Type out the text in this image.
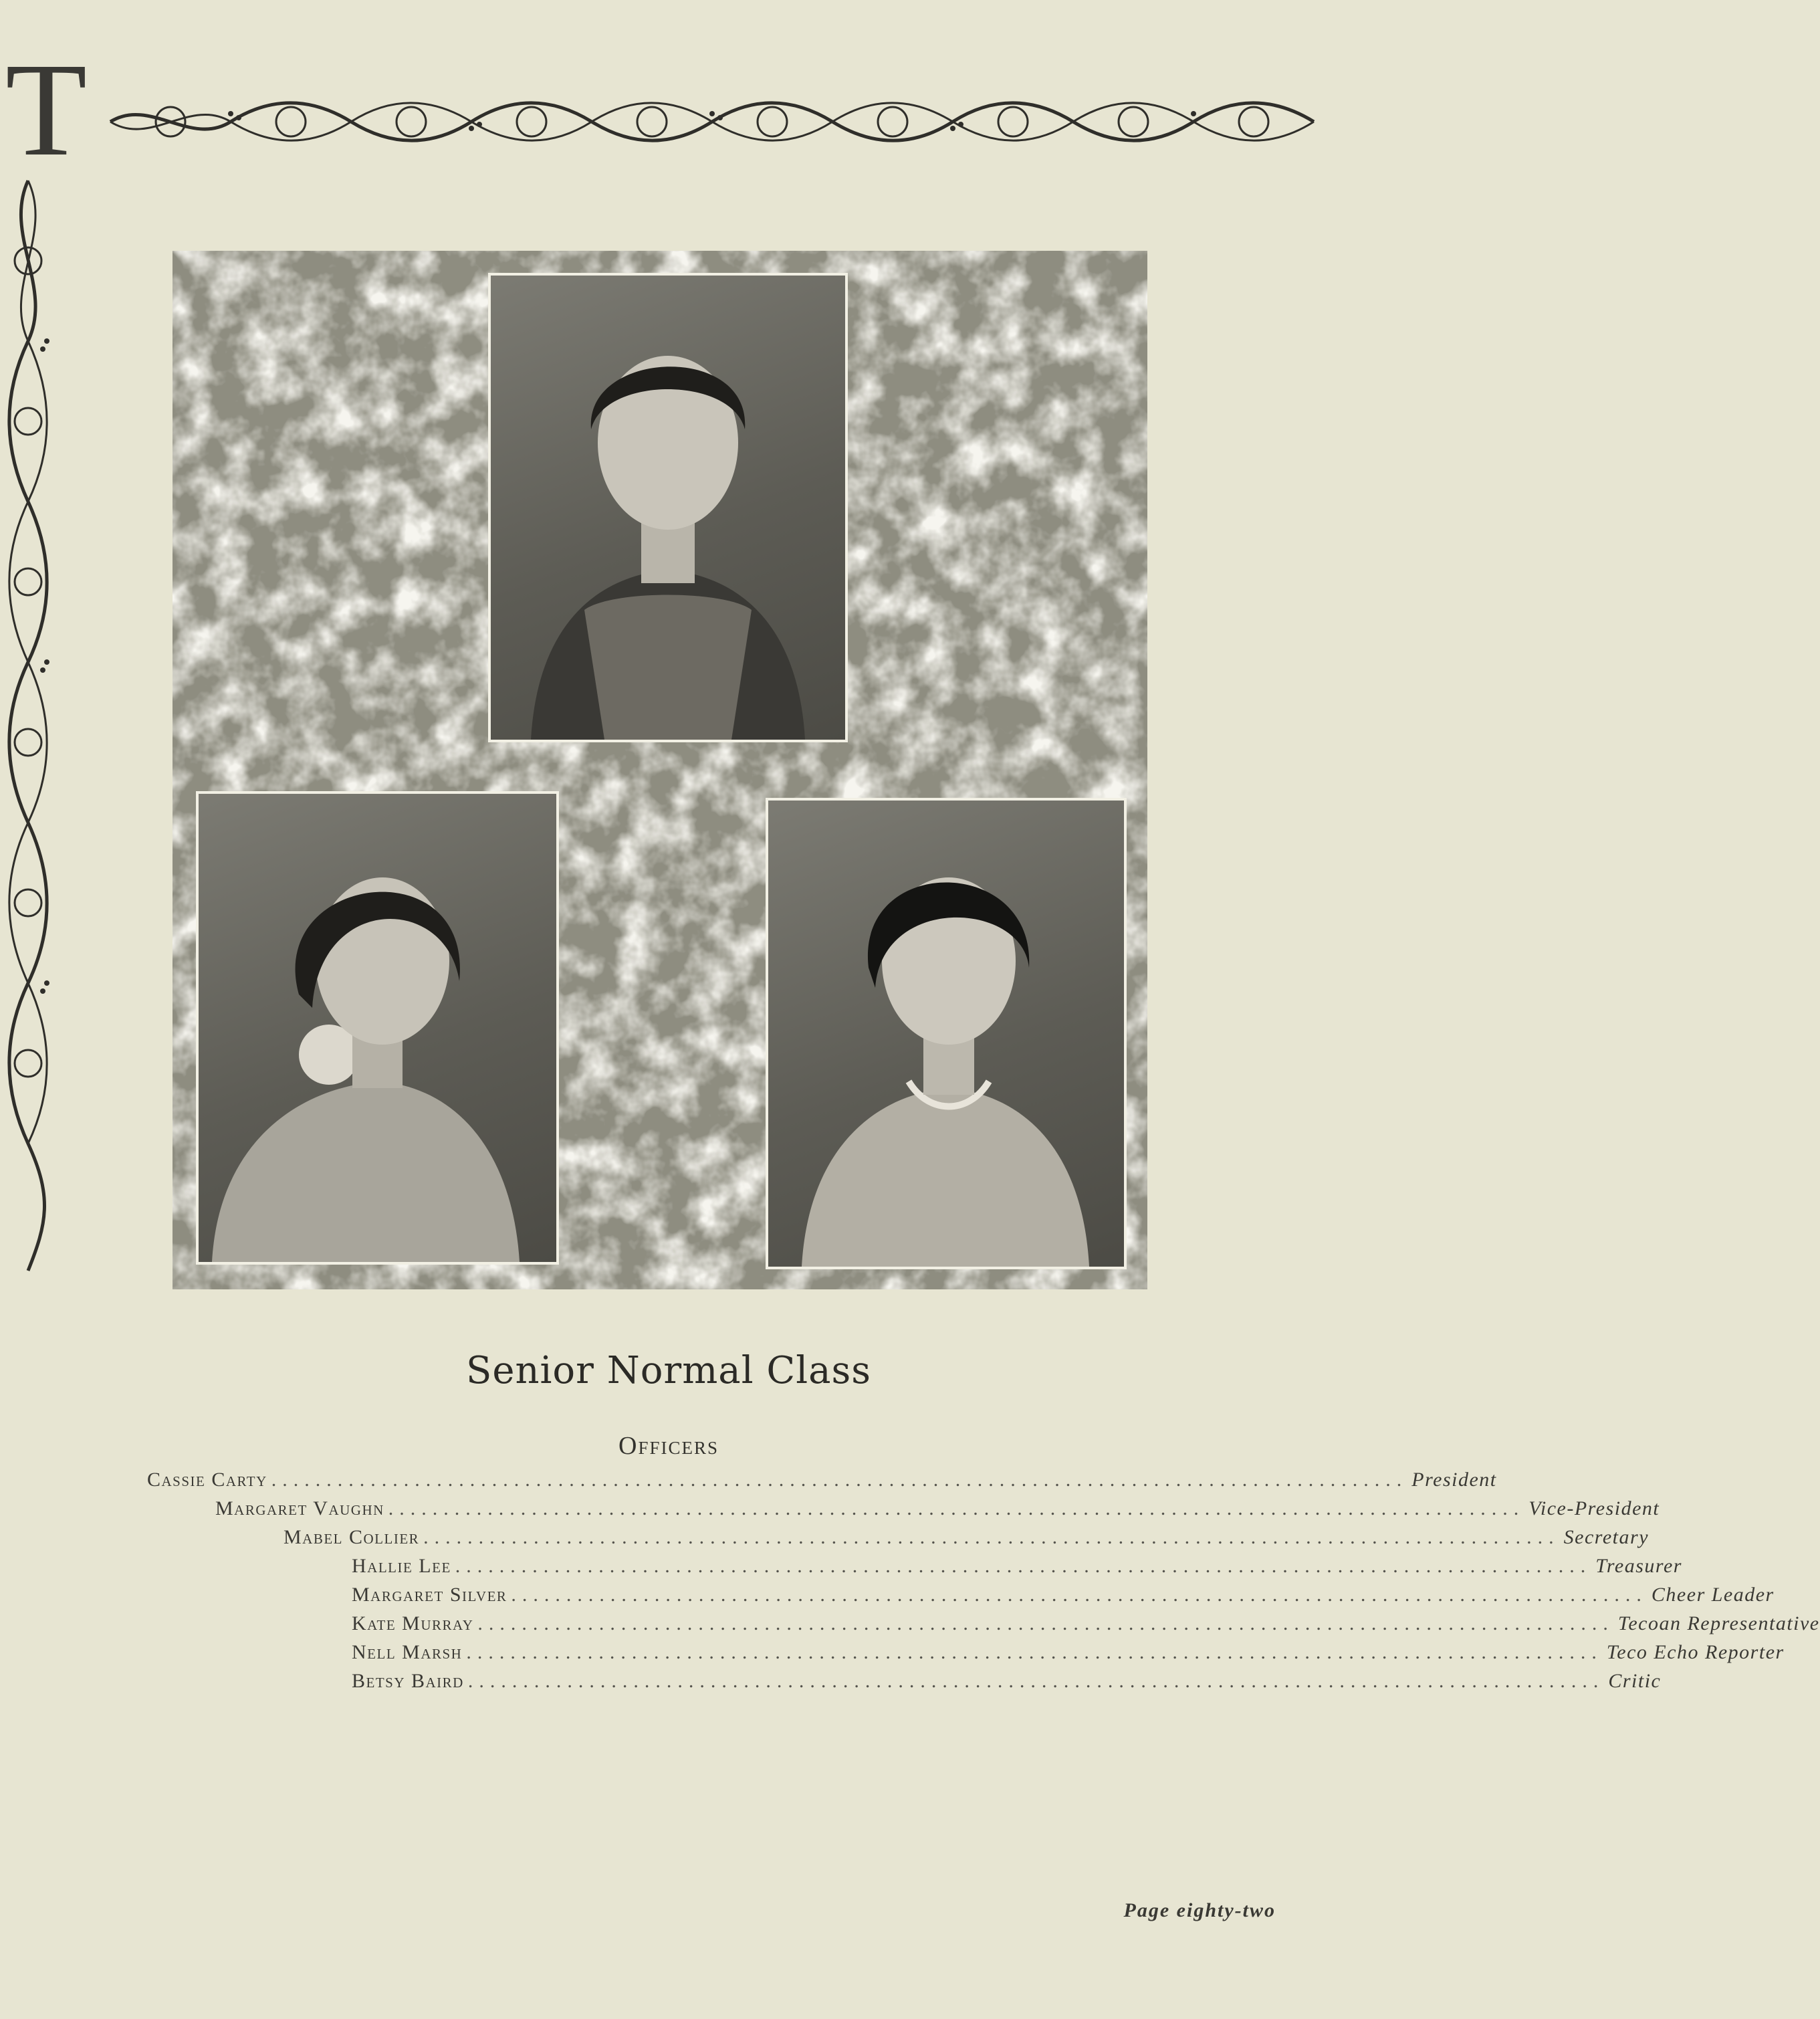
T
Senior Normal Class
Officers
Cassie Carty ....................................................................................................... President
Margaret Vaughn ....................................................................................................... Vice-President
Mabel Collier ....................................................................................................... Secretary
Hallie Lee ....................................................................................................... Treasurer
Margaret Silver ....................................................................................................... Cheer Leader
Kate Murray ....................................................................................................... Tecoan Representative
Nell Marsh ....................................................................................................... Teco Echo Reporter
Betsy Baird ....................................................................................................... Critic
Page eighty-two
